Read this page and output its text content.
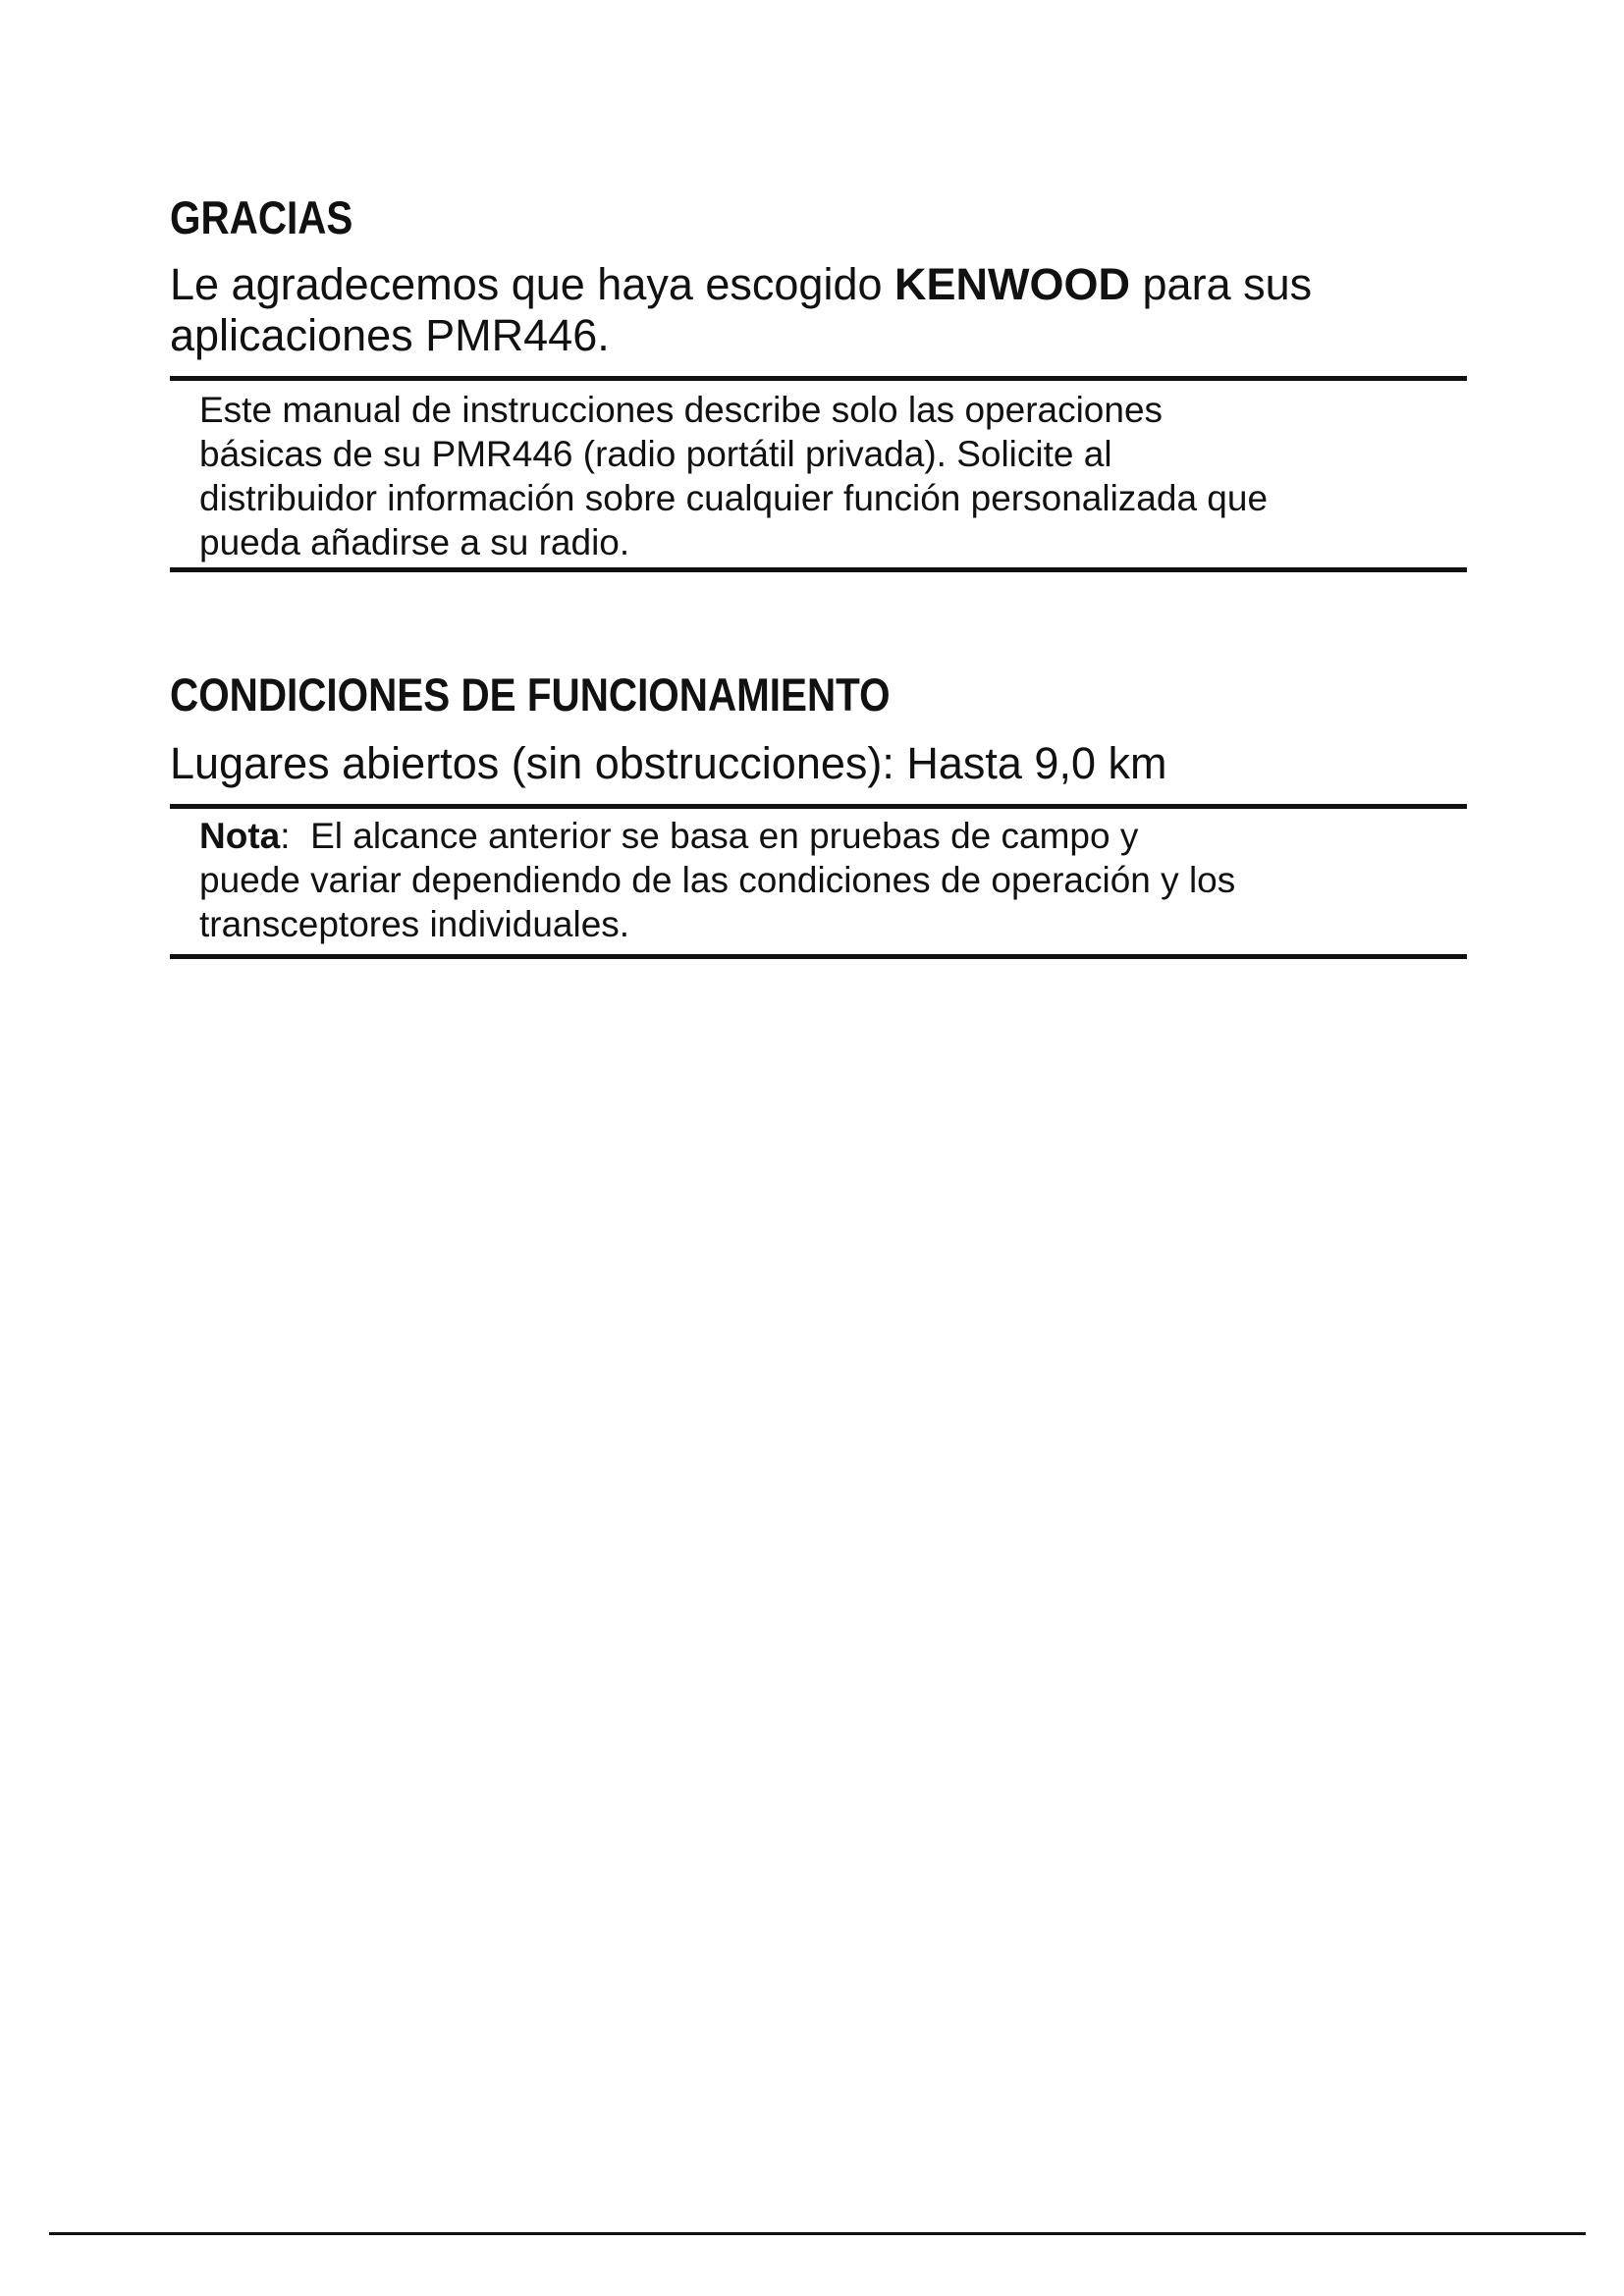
GRACIAS

Le agradecemos que haya escogido KENWOOD para sus
aplicaciones PMR446.

Este manual de instrucciones describe solo las operaciones
básicas de su PMR446 (radio portátil privada). Solicite al
distribuidor información sobre cualquier función personalizada que
pueda añadirse a su radio.
CONDICIONES DE FUNCIONAMIENTO

Lugares abiertos (sin obstrucciones): Hasta 9,0 km

Nota:  El alcance anterior se basa en pruebas de campo y
puede variar dependiendo de las condiciones de operación y los
transceptores individuales.
